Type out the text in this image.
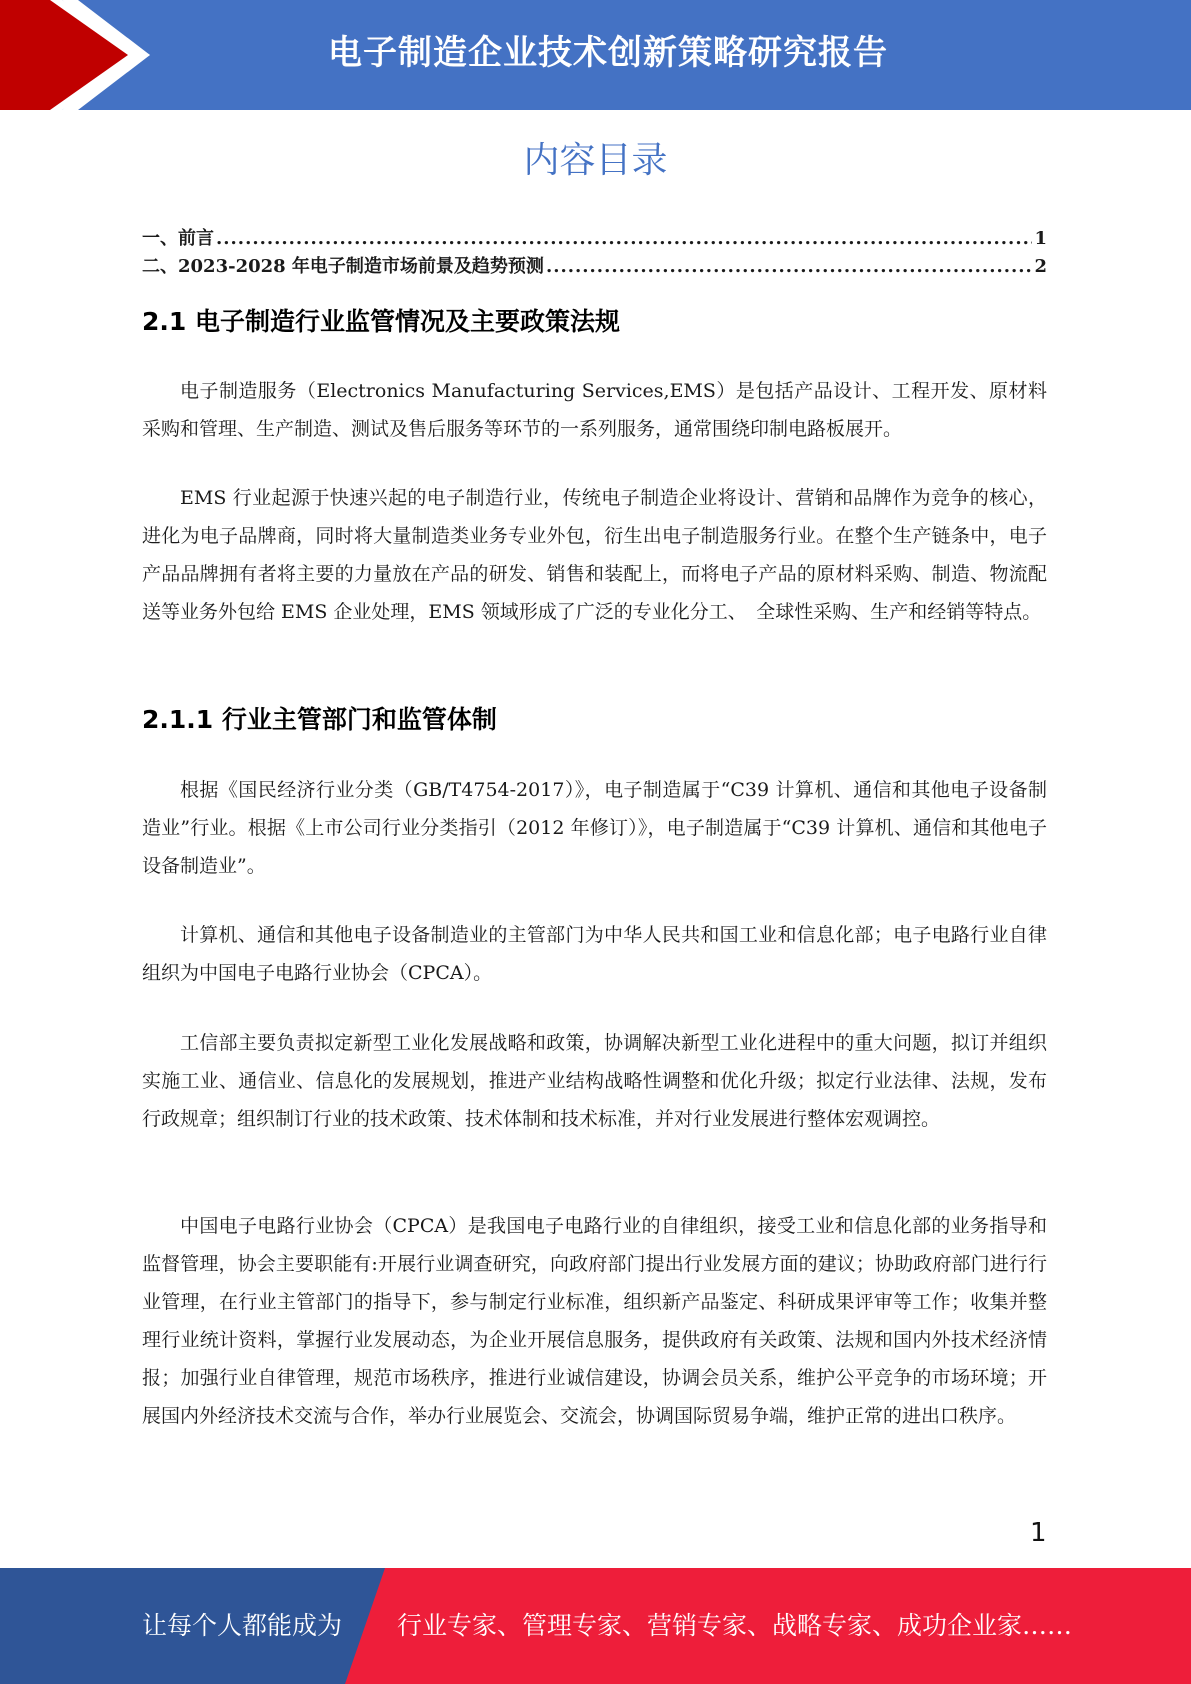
电子制造企业技术创新策略研究报告
内容目录
一、前言 .....	1
二、2023-2028 年电子制造市场前景及趋势预测 .....	2
2.1 电子制造行业监管情况及主要政策法规

电子制造服务（Electronics Manufacturing Services,EMS）是包括产品设计、工程开发、原材料采购和管理、生产制造、测试及售后服务等环节的一系列服务，通常围绕印制电路板展开。

EMS 行业起源于快速兴起的电子制造行业，传统电子制造企业将设计、营销和品牌作为竞争的核心，进化为电子品牌商，同时将大量制造类业务专业外包，衍生出电子制造服务行业。在整个生产链条中，电子产品品牌拥有者将主要的力量放在产品的研发、销售和装配上，而将电子产品的原材料采购、制造、物流配送等业务外包给 EMS 企业处理，EMS 领域形成了广泛的专业化分工、　全球性采购、生产和经销等特点。

2.1.1 行业主管部门和监管体制

根据《国民经济行业分类（GB/T4754-2017）》，电子制造属于“C39 计算机、通信和其他电子设备制造业”行业。根据《上市公司行业分类指引（2012 年修订）》，电子制造属于“C39 计算机、通信和其他电子设备制造业”。

计算机、通信和其他电子设备制造业的主管部门为中华人民共和国工业和信息化部；电子电路行业自律组织为中国电子电路行业协会（CPCA）。

工信部主要负责拟定新型工业化发展战略和政策，协调解决新型工业化进程中的重大问题，拟订并组织实施工业、通信业、信息化的发展规划，推进产业结构战略性调整和优化升级；拟定行业法律、法规，发布行政规章；组织制订行业的技术政策、技术体制和技术标准，并对行业发展进行整体宏观调控。

中国电子电路行业协会（CPCA）是我国电子电路行业的自律组织，接受工业和信息化部的业务指导和监督管理，协会主要职能有:开展行业调查研究，向政府部门提出行业发展方面的建议；协助政府部门进行行业管理，在行业主管部门的指导下，参与制定行业标准，组织新产品鉴定、科研成果评审等工作；收集并整理行业统计资料，掌握行业发展动态，为企业开展信息服务，提供政府有关政策、法规和国内外技术经济情报；加强行业自律管理，规范市场秩序，推进行业诚信建设，协调会员关系，维护公平竞争的市场环境；开展国内外经济技术交流与合作，举办行业展览会、交流会，协调国际贸易争端，维护正常的进出口秩序。

1
让每个人都能成为 行业专家、管理专家、营销专家、战略专家、成功企业家……
